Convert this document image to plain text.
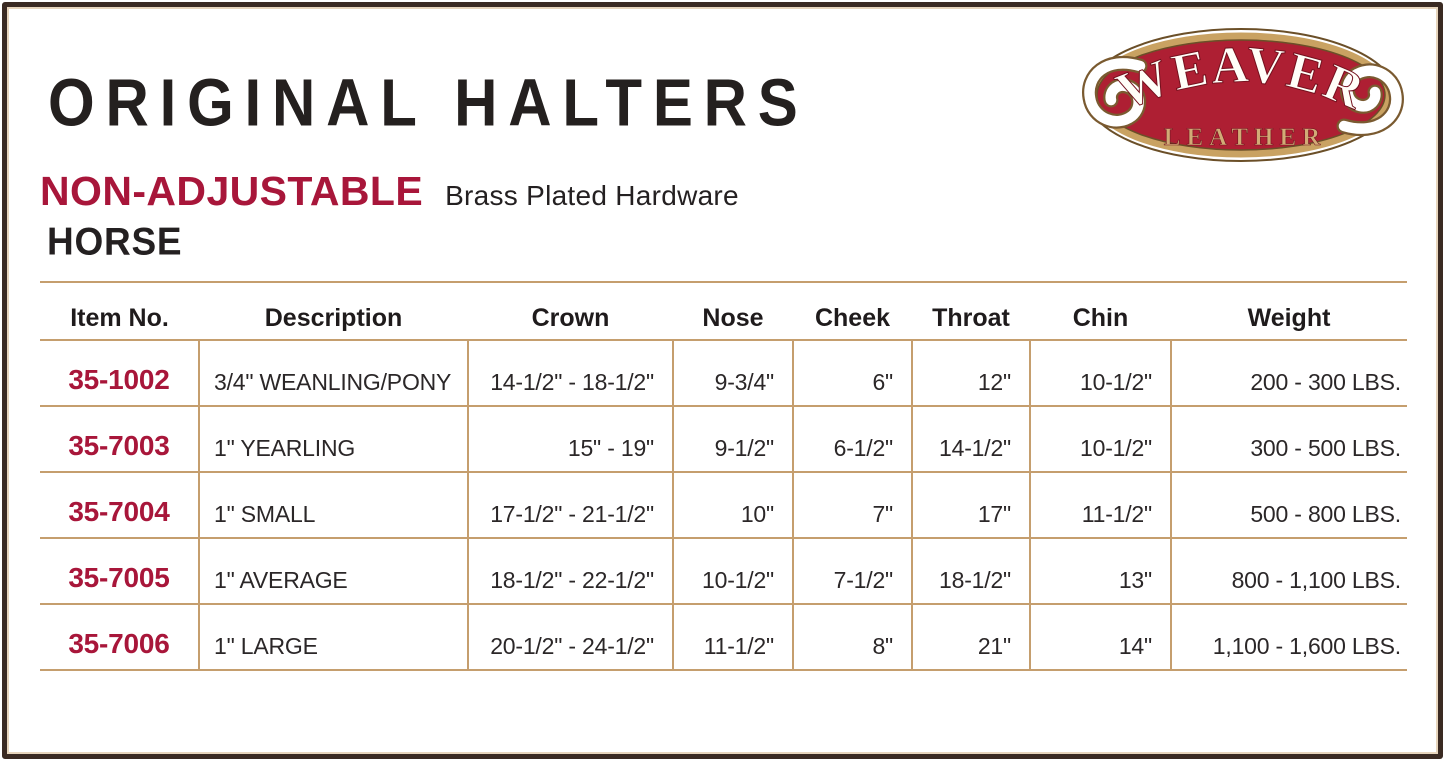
ORIGINAL HALTERS
NON-ADJUSTABLE Brass Plated Hardware
HORSE
WEAVER
LEATHER
Item No.	Description	Crown	Nose	Cheek	Throat	Chin	Weight
35-1002	3/4" WEANLING/PONY	14-1/2" - 18-1/2"	9-3/4"	6"	12"	10-1/2"	200 - 300 LBS.
35-7003	1" YEARLING	15" - 19"	9-1/2"	6-1/2"	14-1/2"	10-1/2"	300 - 500 LBS.
35-7004	1" SMALL	17-1/2" - 21-1/2"	10"	7"	17"	11-1/2"	500 - 800 LBS.
35-7005	1" AVERAGE	18-1/2" - 22-1/2"	10-1/2"	7-1/2"	18-1/2"	13"	800 - 1,100 LBS.
35-7006	1" LARGE	20-1/2" - 24-1/2"	11-1/2"	8"	21"	14"	1,100 - 1,600 LBS.
